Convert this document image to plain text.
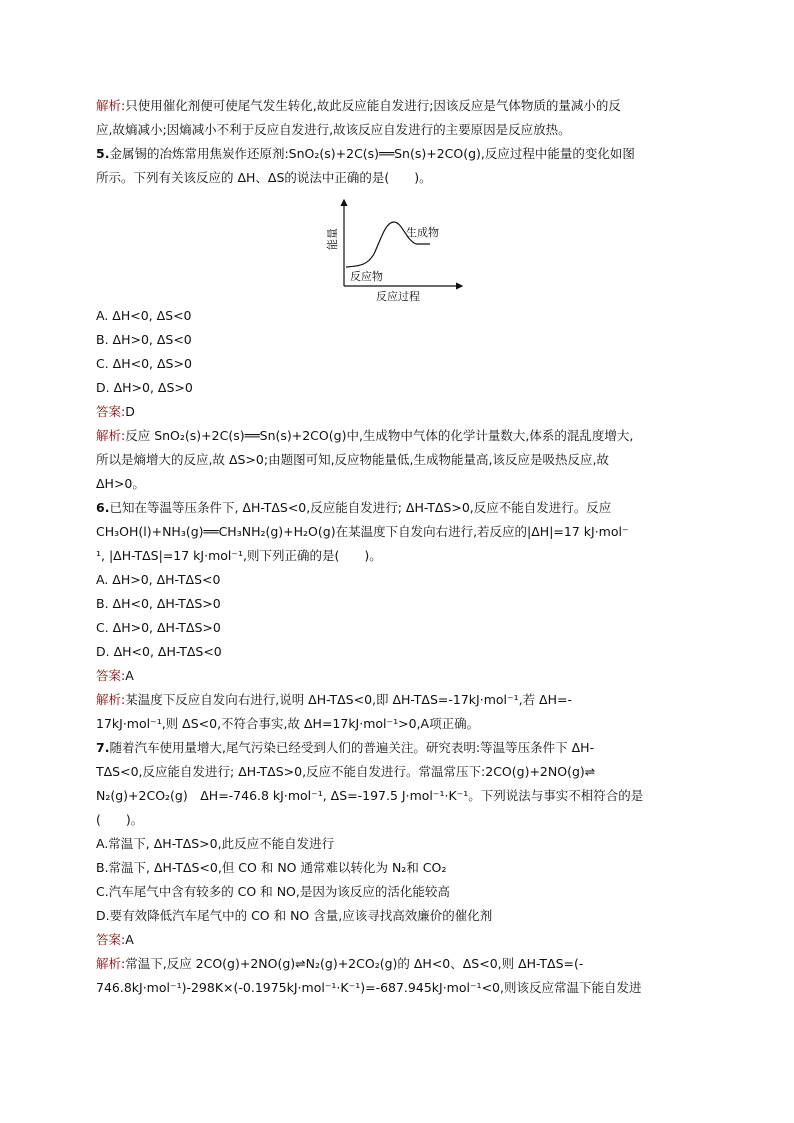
解析:只使用催化剂便可使尾气发生转化,故此反应能自发进行;因该反应是气体物质的量减小的反
应,故熵减小;因熵减小不利于反应自发进行,故该反应自发进行的主要原因是反应放热。
5.金属锡的冶炼常用焦炭作还原剂:SnO₂(s)+2C(s)══Sn(s)+2CO(g),反应过程中能量的变化如图
所示。下列有关该反应的 ΔH、ΔS的说法中正确的是(　　)。
能量	生成物
反应物
反应过程
A. ΔH<0, ΔS<0
B. ΔH>0, ΔS<0
C. ΔH<0, ΔS>0
D. ΔH>0, ΔS>0
答案:D
解析:反应 SnO₂(s)+2C(s)══Sn(s)+2CO(g)中,生成物中气体的化学计量数大,体系的混乱度增大,
所以是熵增大的反应,故 ΔS>0;由题图可知,反应物能量低,生成物能量高,该反应是吸热反应,故
ΔH>0。
6.已知在等温等压条件下, ΔH-TΔS<0,反应能自发进行; ΔH-TΔS>0,反应不能自发进行。反应
CH₃OH(l)+NH₃(g)══CH₃NH₂(g)+H₂O(g)在某温度下自发向右进行,若反应的|ΔH|=17 kJ·mol⁻
¹, |ΔH-TΔS|=17 kJ·mol⁻¹,则下列正确的是(　　)。
A. ΔH>0, ΔH-TΔS<0
B. ΔH<0, ΔH-TΔS>0
C. ΔH>0, ΔH-TΔS>0
D. ΔH<0, ΔH-TΔS<0
答案:A
解析:某温度下反应自发向右进行,说明 ΔH-TΔS<0,即 ΔH-TΔS=-17kJ·mol⁻¹,若 ΔH=-
17kJ·mol⁻¹,则 ΔS<0,不符合事实,故 ΔH=17kJ·mol⁻¹>0,A项正确。
7.随着汽车使用量增大,尾气污染已经受到人们的普遍关注。研究表明:等温等压条件下 ΔH-
TΔS<0,反应能自发进行; ΔH-TΔS>0,反应不能自发进行。常温常压下:2CO(g)+2NO(g)⇌
N₂(g)+2CO₂(g)　ΔH=-746.8 kJ·mol⁻¹, ΔS=-197.5 J·mol⁻¹·K⁻¹。下列说法与事实不相符合的是
(　　)。
A.常温下, ΔH-TΔS>0,此反应不能自发进行
B.常温下, ΔH-TΔS<0,但 CO 和 NO 通常难以转化为 N₂和 CO₂
C.汽车尾气中含有较多的 CO 和 NO,是因为该反应的活化能较高
D.要有效降低汽车尾气中的 CO 和 NO 含量,应该寻找高效廉价的催化剂
答案:A
解析:常温下,反应 2CO(g)+2NO(g)⇌N₂(g)+2CO₂(g)的 ΔH<0、ΔS<0,则 ΔH-TΔS=(-
746.8kJ·mol⁻¹)-298K×(-0.1975kJ·mol⁻¹·K⁻¹)=-687.945kJ·mol⁻¹<0,则该反应常温下能自发进
